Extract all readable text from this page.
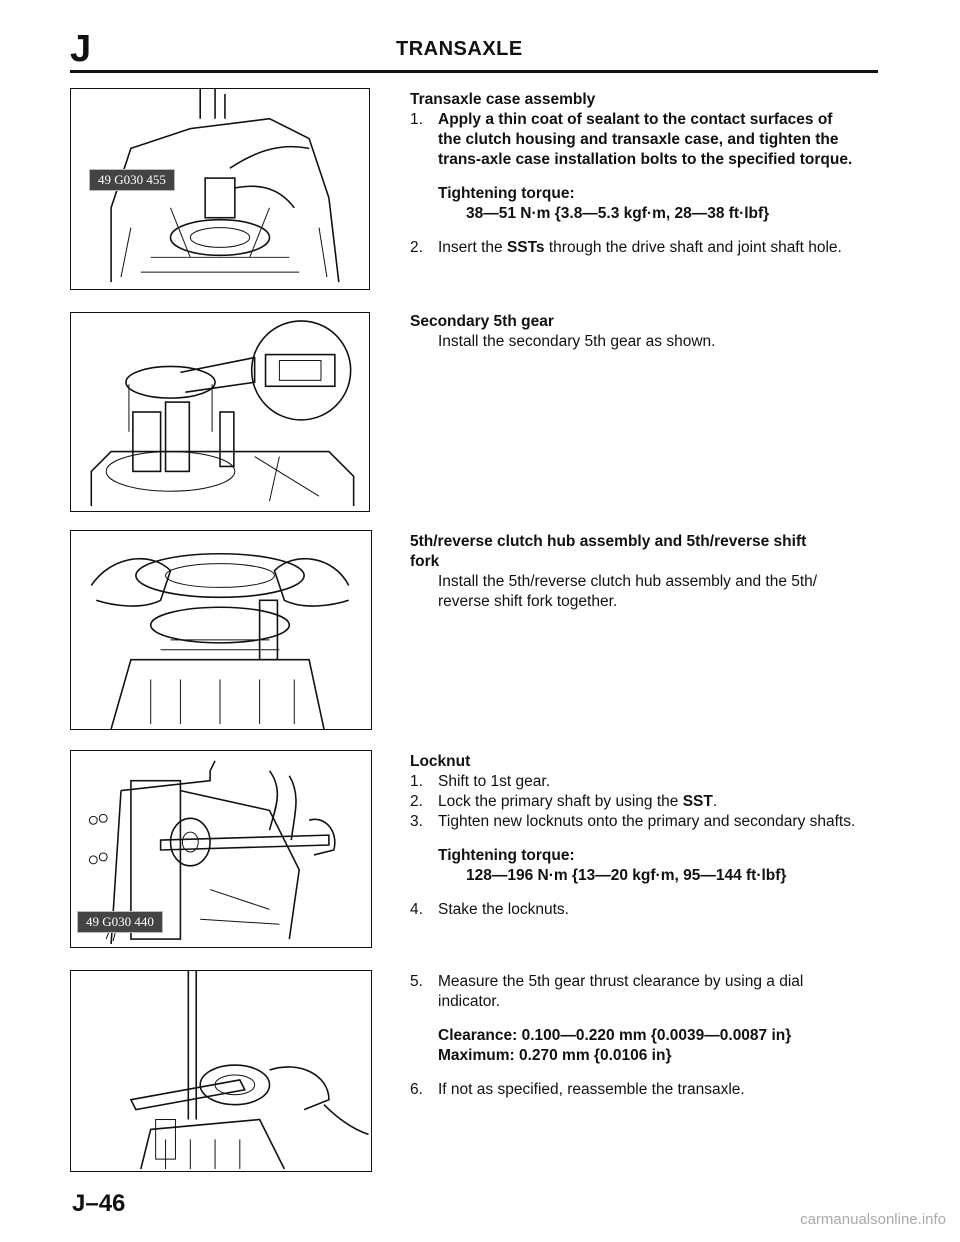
J	TRANSAXLE
49 G030 455
49 G030 440
Transaxle case assembly
1. Apply a thin coat of sealant to the contact surfaces of the clutch housing and transaxle case, and tighten the trans-axle case installation bolts to the specified torque.
Tightening torque:
38—51 N·m {3.8—5.3 kgf·m, 28—38 ft·lbf}
2. Insert the SSTs through the drive shaft and joint shaft hole.
Secondary 5th gear
Install the secondary 5th gear as shown.
5th/reverse clutch hub assembly and 5th/reverse shift fork
Install the 5th/reverse clutch hub assembly and the 5th/ reverse shift fork together.
Locknut
1. Shift to 1st gear.
2. Lock the primary shaft by using the SST.
3. Tighten new locknuts onto the primary and secondary shafts.
Tightening torque:
128—196 N·m {13—20 kgf·m, 95—144 ft·lbf}
4. Stake the locknuts.
5. Measure the 5th gear thrust clearance by using a dial indicator.
Clearance: 0.100—0.220 mm {0.0039—0.0087 in}
Maximum: 0.270 mm {0.0106 in}
6. If not as specified, reassemble the transaxle.
J–46
carmanualsonline.info
